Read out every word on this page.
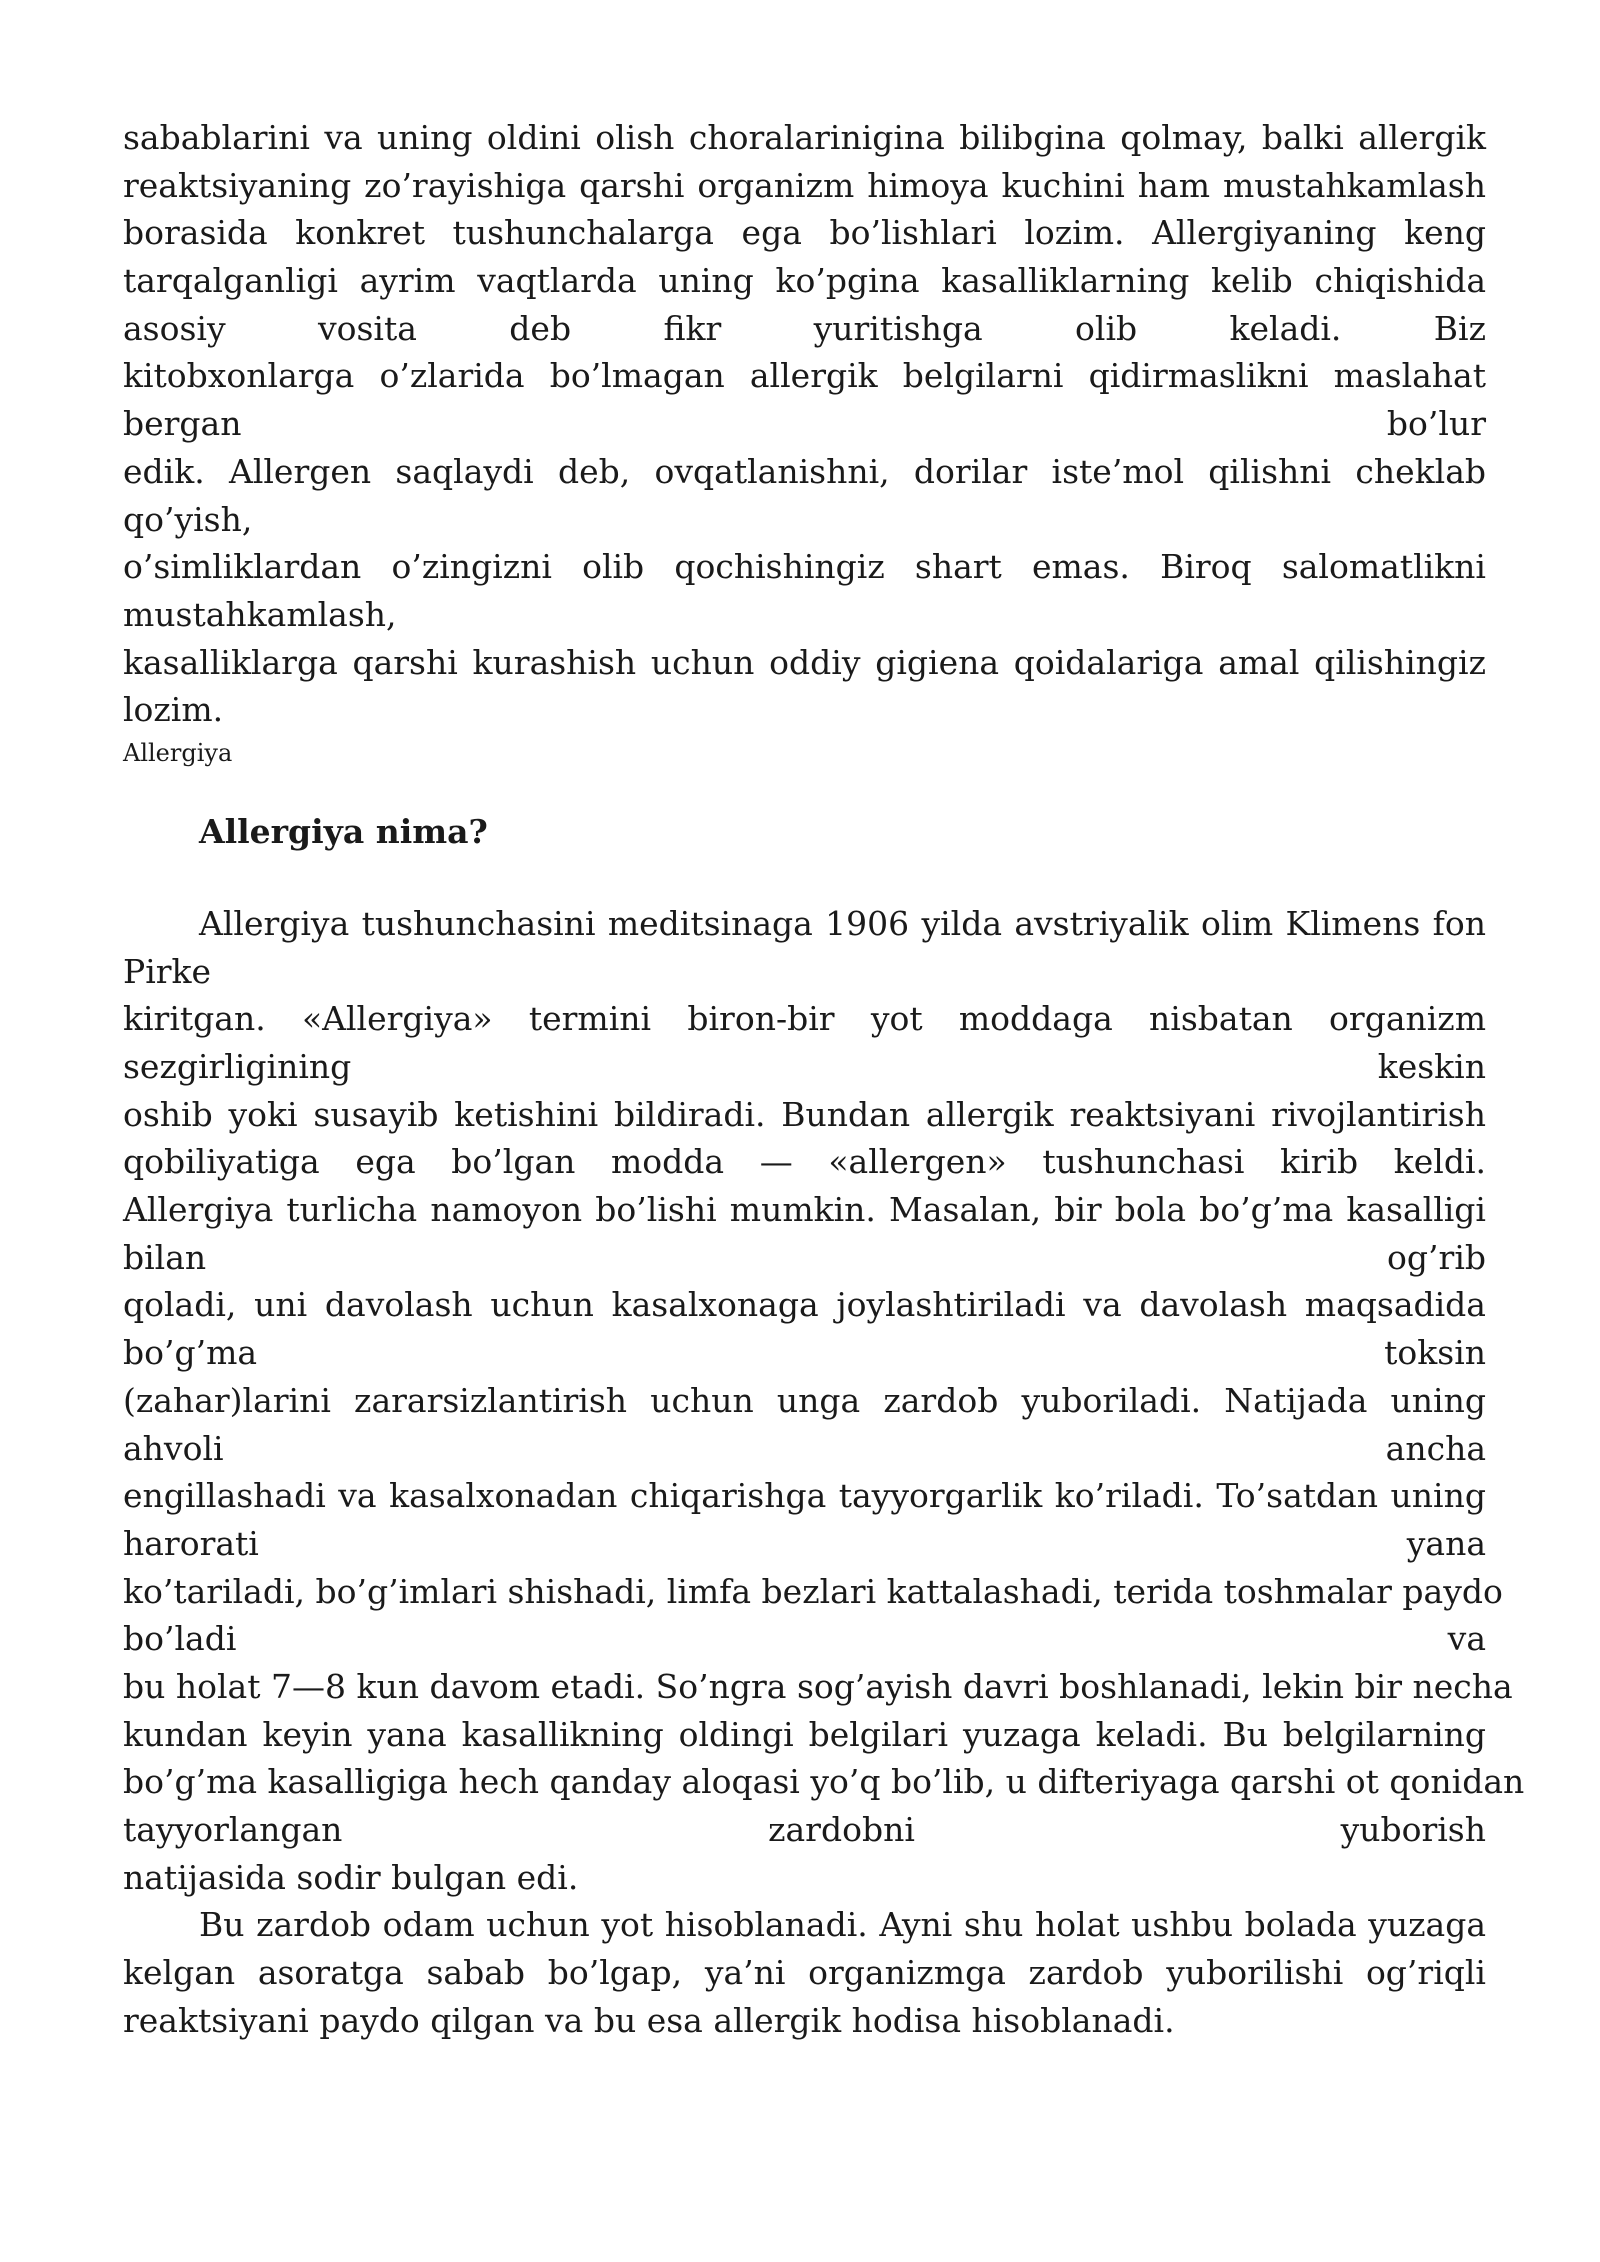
sabablarini va uning oldini olish choralarinigina bilibgina qolmay, balki allergik
reaktsiyaning zo’rayishiga qarshi organizm himoya kuchini ham mustahkamlash
borasida konkret tushunchalarga ega bo’lishlari lozim. Allergiyaning keng
tarqalganligi ayrim vaqtlarda uning ko’pgina kasalliklarning kelib chiqishida
asosiy vosita deb fikr yuritishga olib keladi. Biz
kitobxonlarga o’zlarida bo’lmagan allergik belgilarni qidirmaslikni maslahat
bergan bo’lur
edik. Allergen saqlaydi deb, ovqatlanishni, dorilar iste’mol qilishni cheklab
qo’yish,
o’simliklardan o’zingizni olib qochishingiz shart emas. Biroq salomatlikni
mustahkamlash,
kasalliklarga qarshi kurashish uchun oddiy gigiena qoidalariga amal qilishingiz
lozim.
Allergiya
Allergiya nima?
Allergiya tushunchasini meditsinaga 1906 yilda avstriyalik olim Klimens fon
Pirke
kiritgan. «Allergiya» termini biron-bir yot moddaga nisbatan organizm
sezgirligining keskin
oshib yoki susayib ketishini bildiradi. Bundan allergik reaktsiyani rivojlantirish
qobiliyatiga ega bo’lgan modda — «allergen» tushunchasi kirib keldi.
Allergiya turlicha namoyon bo’lishi mumkin. Masalan, bir bola bo’g’ma kasalligi
bilan og’rib
qoladi, uni davolash uchun kasalxonaga joylashtiriladi va davolash maqsadida
bo’g’ma toksin
(zahar)larini zararsizlantirish uchun unga zardob yuboriladi. Natijada uning
ahvoli ancha
engillashadi va kasalxonadan chiqarishga tayyorgarlik ko’riladi. To’satdan uning
harorati yana
ko’tariladi, bo’g’imlari shishadi, limfa bezlari kattalashadi, terida toshmalar paydo
bo’ladi va
bu holat 7—8 kun davom etadi. So’ngra sog’ayish davri boshlanadi, lekin bir necha
kundan keyin yana kasallikning oldingi belgilari yuzaga keladi. Bu belgilarning
bo’g’ma kasalligiga hech qanday aloqasi yo’q bo’lib, u difteriyaga qarshi ot qonidan
tayyorlangan zardobni yuborish
natijasida sodir bulgan edi.
Bu zardob odam uchun yot hisoblanadi. Ayni shu holat ushbu bolada yuzaga
kelgan asoratga sabab bo’lgap, ya’ni organizmga zardob yuborilishi og’riqli
reaktsiyani paydo qilgan va bu esa allergik hodisa hisoblanadi.
